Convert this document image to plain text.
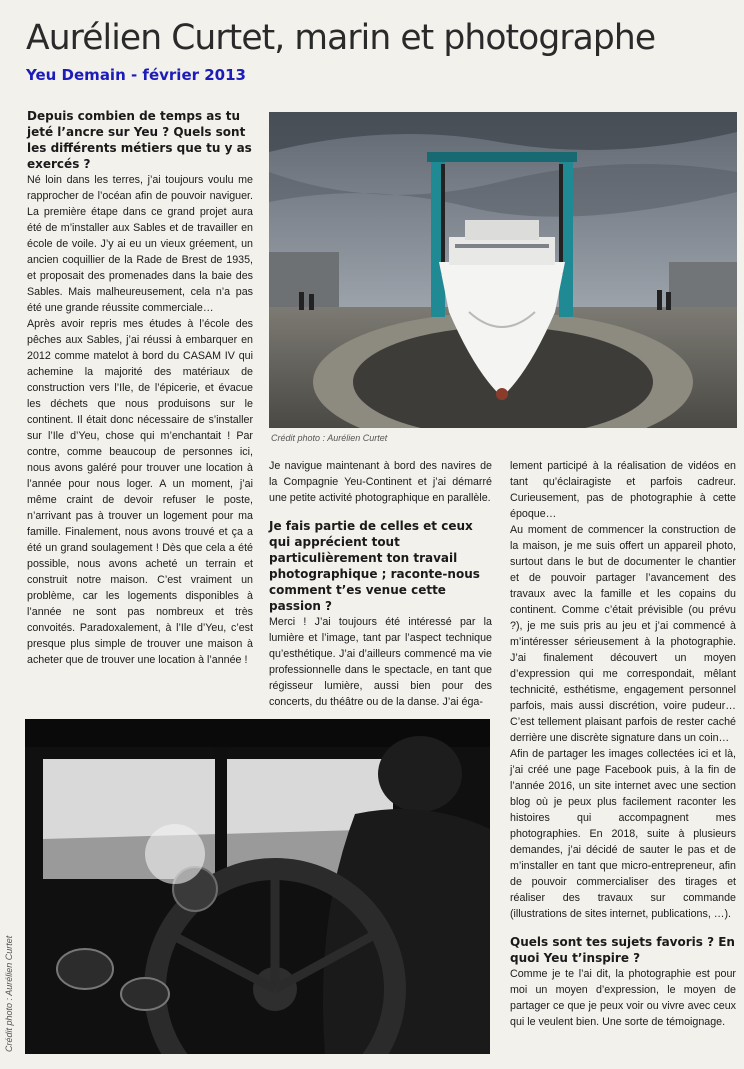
Aurélien Curtet, marin et photographe
Yeu Demain - février 2013

Depuis combien de temps as tu jeté l’ancre sur Yeu ? Quels sont les différents métiers que tu y as exercés ?

Né loin dans les terres, j’ai toujours voulu me rapprocher de l’océan afin de pouvoir naviguer. La première étape dans ce grand projet aura été de m’installer aux Sables et de travailler en école de voile. J’y ai eu un vieux gréement, un ancien coquillier de la Rade de Brest de 1935, et proposait des promenades dans la baie des Sables. Mais malheureusement, cela n’a pas été une grande réussite commerciale…

Après avoir repris mes études à l’école des pêches aux Sables, j’ai réussi à embarquer en 2012 comme matelot à bord du CASAM IV qui achemine la majorité des matériaux de construction vers l’Ile, de l’épicerie, et évacue les déchets que nous produisons sur le continent. Il était donc nécessaire de s’installer sur l’Ile d’Yeu, chose qui m’enchantait ! Par contre, comme beaucoup de personnes ici, nous avons galéré pour trouver une location à l’année pour nous loger. A un moment, j’ai même craint de devoir refuser le poste, n’arrivant pas à trouver un logement pour ma famille. Finalement, nous avons trouvé et ça a été un grand soulagement ! Dès que cela a été possible, nous avons acheté un terrain et construit notre maison. C’est vraiment un problème, car les logements disponibles à l’année ne sont pas nombreux et très convoités. Paradoxalement, à l’Ile d’Yeu, c’est presque plus simple de trouver une maison à acheter que de trouver une location à l’année !

Crédit photo : Aurélien Curtet

Je navigue maintenant à bord des navires de la Compagnie Yeu-Continent et j’ai démarré une petite activité photographique en parallèle.

Je fais partie de celles et ceux qui apprécient tout particulièrement ton travail photographique ; raconte-nous comment t’es venue cette passion ?

Merci ! J’ai toujours été intéressé par la lumière et l’image, tant par l’aspect technique qu’esthétique. J’ai d’ailleurs commencé ma vie professionnelle dans le spectacle, en tant que régisseur lumière, aussi bien pour des concerts, du théâtre ou de la danse. J’ai éga-

lement participé à la réalisation de vidéos en tant qu’éclairagiste et parfois cadreur. Curieusement, pas de photographie à cette époque…

Au moment de commencer la construction de la maison, je me suis offert un appareil photo, surtout dans le but de documenter le chantier et de pouvoir partager l’avancement des travaux avec la famille et les copains du continent. Comme c’était prévisible (ou prévu ?), je me suis pris au jeu et j’ai commencé à m’intéresser sérieusement à la photographie. J’ai finalement découvert un moyen d’expression qui me correspondait, mêlant technicité, esthétisme, engagement personnel parfois, mais aussi discrétion, voire pudeur… C’est tellement plaisant parfois de rester caché derrière une discrète signature dans un coin…

Afin de partager les images collectées ici et là, j’ai créé une page Facebook puis, à la fin de l’année 2016, un site internet avec une section blog où je peux plus facilement raconter les histoires qui accompagnent mes photographies. En 2018, suite à plusieurs demandes, j’ai décidé de sauter le pas et de m’installer en tant que micro-entrepreneur, afin de pouvoir commercialiser des tirages et réaliser des travaux sur commande (illustrations de sites internet, publications, …).

Quels sont tes sujets favoris ? En quoi Yeu t’inspire ?

Comme je te l’ai dit, la photographie est pour moi un moyen d’expression, le moyen de partager ce que je peux voir ou vivre avec ceux qui le veulent bien. Une sorte de témoignage.

Crédit photo : Aurélien Curtet
